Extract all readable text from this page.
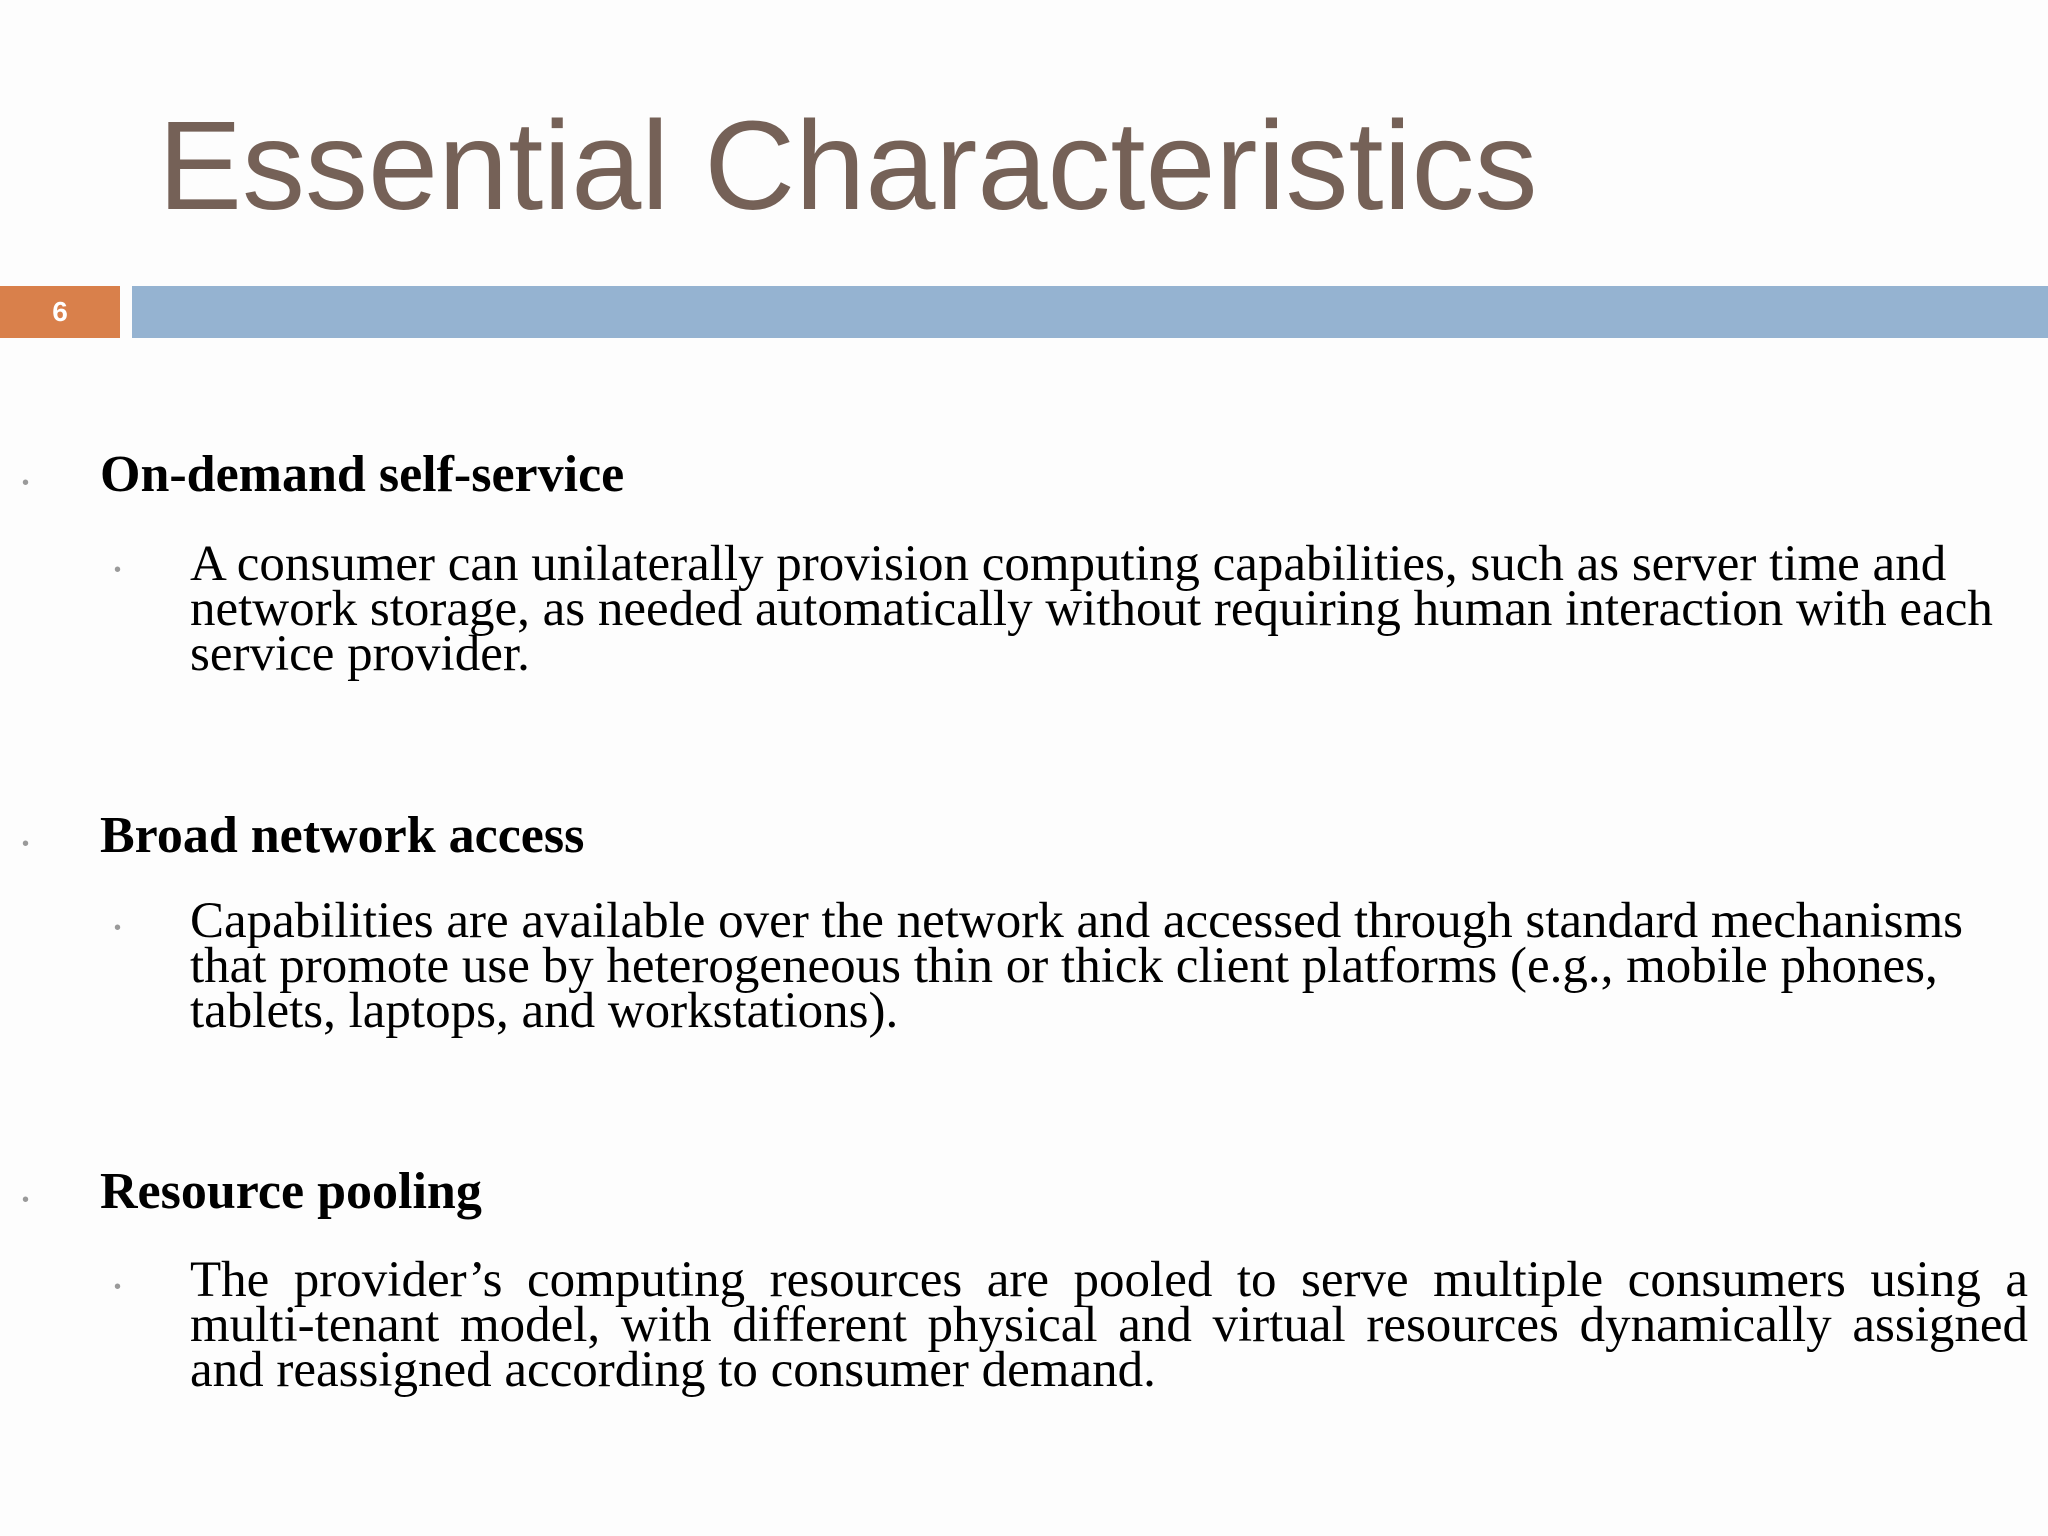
Essential Characteristics
6
• On-demand self-service
• A consumer can unilaterally provision computing capabilities, such as server time and network storage, as needed automatically without requiring human interaction with each service provider.

• Broad network access
• Capabilities are available over the network and accessed through standard mechanisms that promote use by heterogeneous thin or thick client platforms (e.g., mobile phones, tablets, laptops, and workstations).

• Resource pooling
• The provider’s computing resources are pooled to serve multiple consumers using a multi-tenant model, with different physical and virtual resources dynamically assigned and reassigned according to consumer demand.
